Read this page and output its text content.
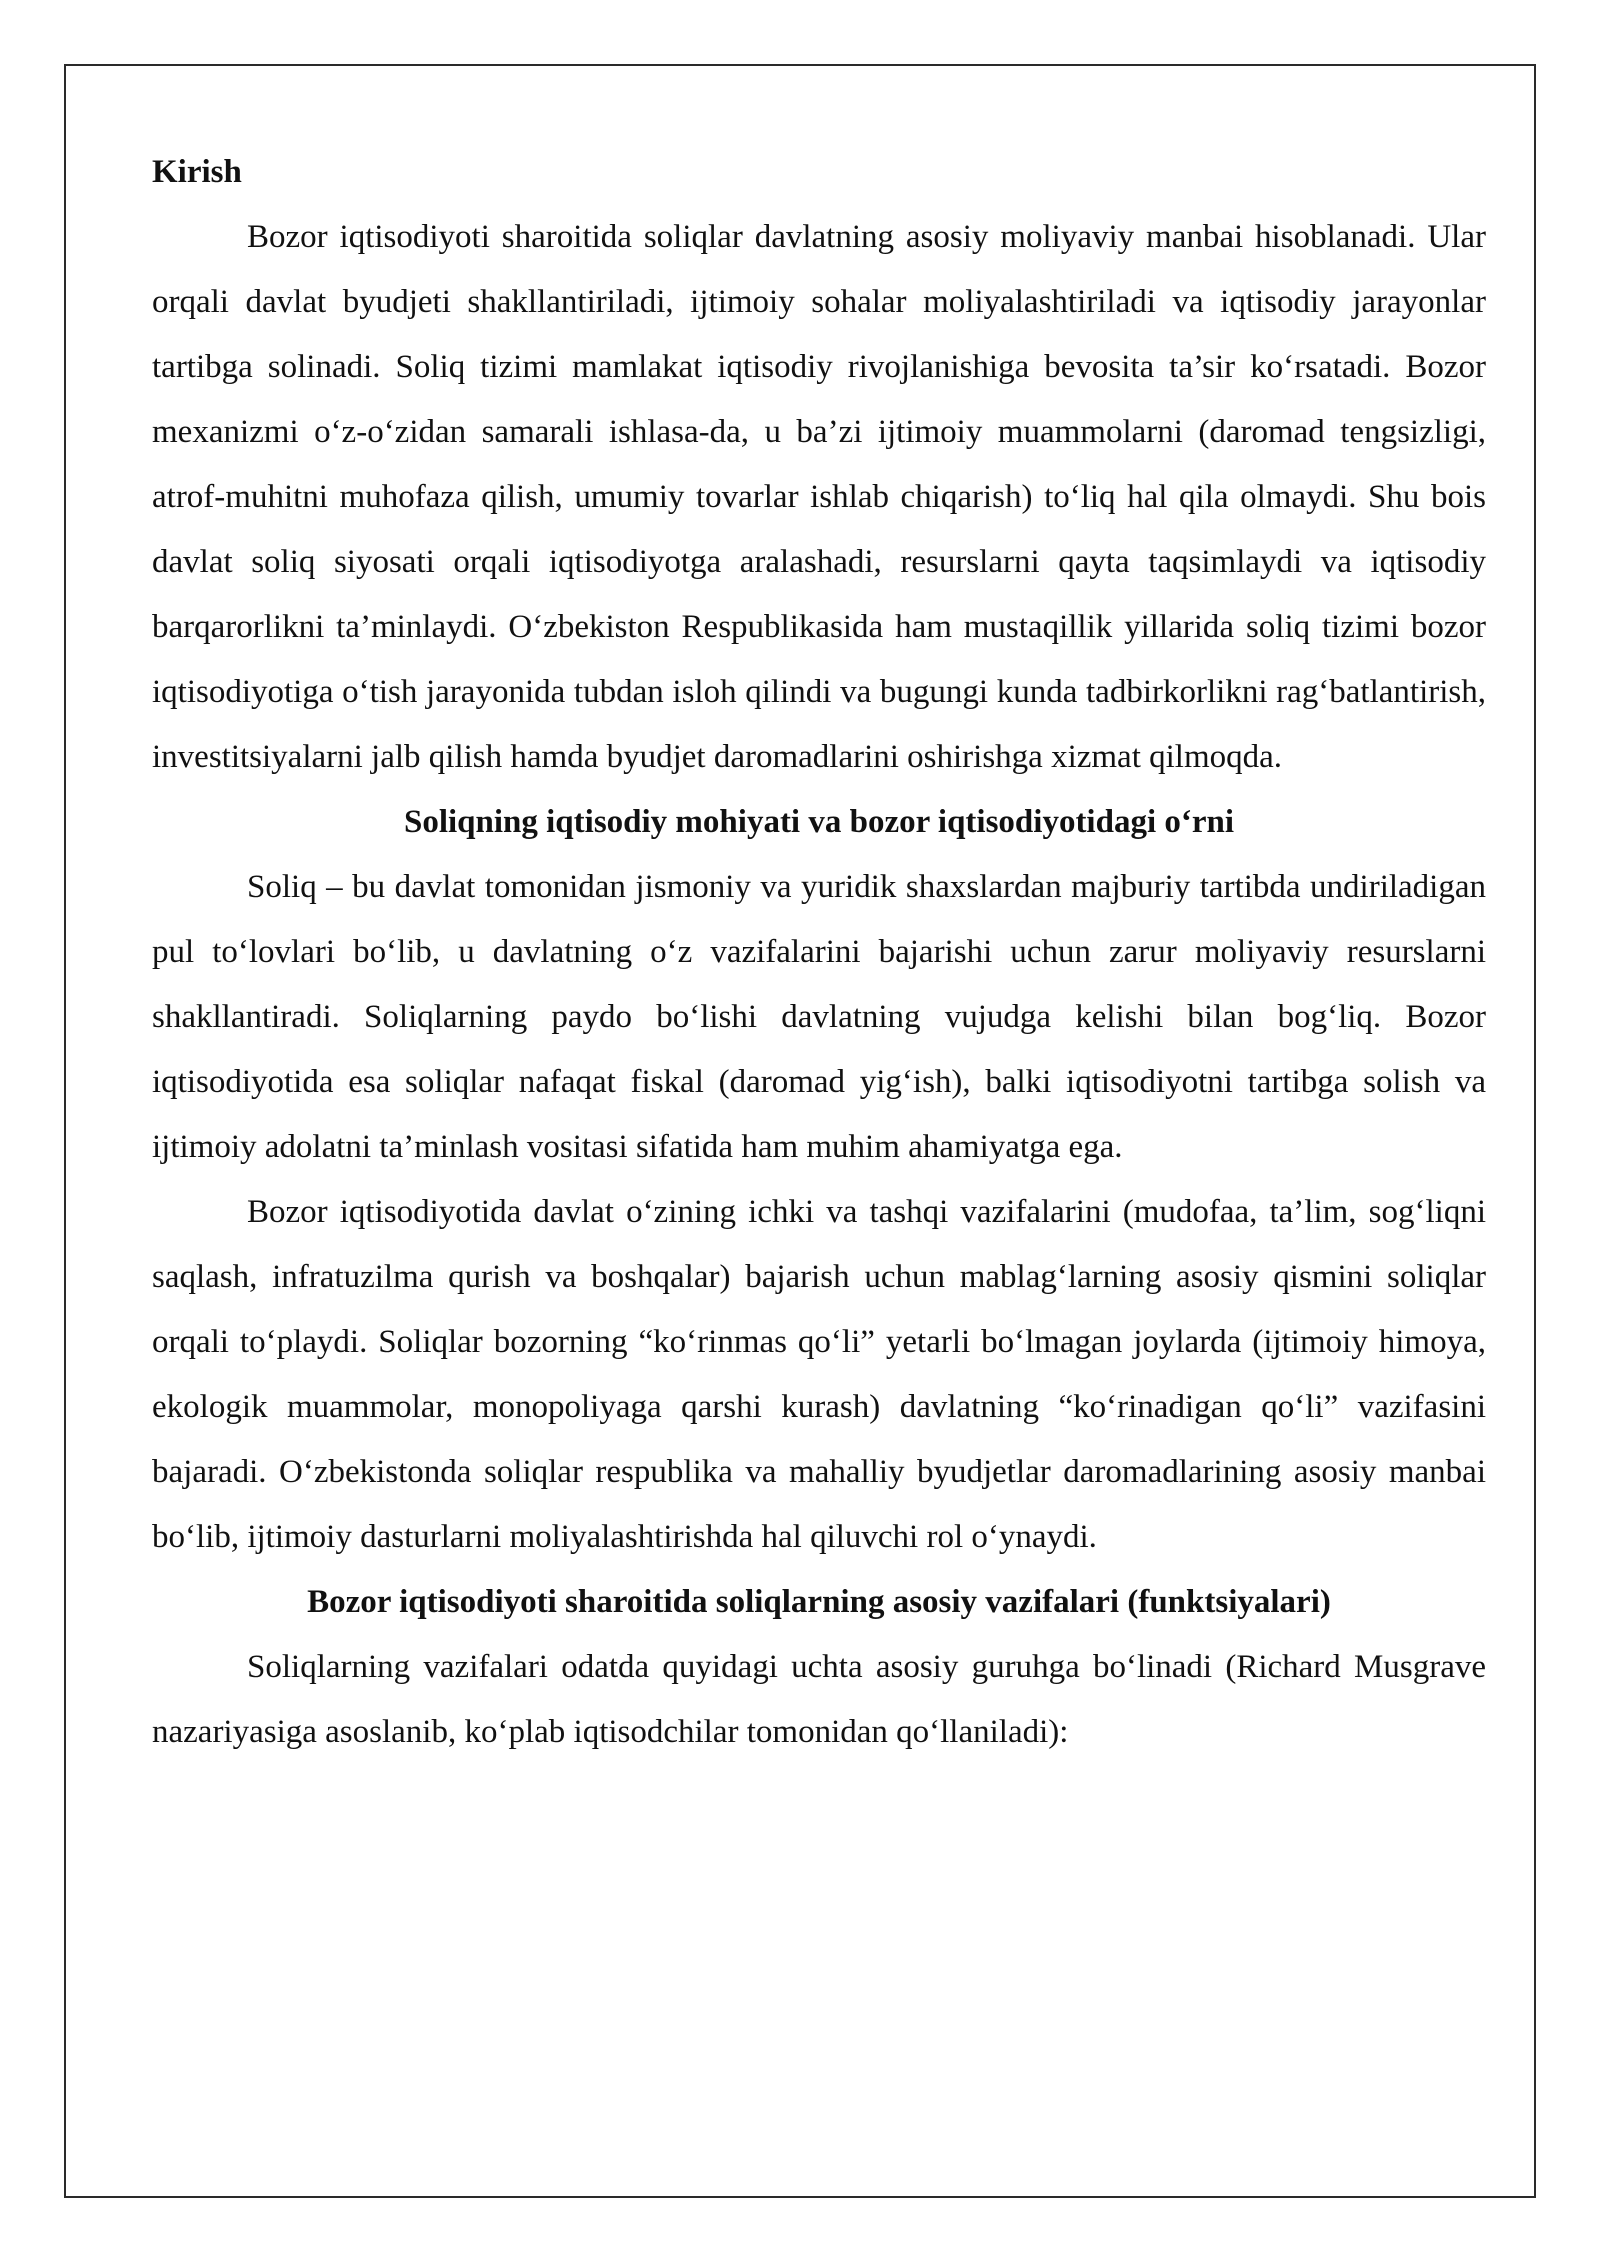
Kirish

Bozor iqtisodiyoti sharoitida soliqlar davlatning asosiy moliyaviy manbai hisoblanadi. Ular orqali davlat byudjeti shakllantiriladi, ijtimoiy sohalar moliyalashtiriladi va iqtisodiy jarayonlar tartibga solinadi. Soliq tizimi mamlakat iqtisodiy rivojlanishiga bevosita ta’sir ko‘rsatadi. Bozor mexanizmi o‘z-o‘zidan samarali ishlasa-da, u ba’zi ijtimoiy muammolarni (daromad tengsizligi, atrof-muhitni muhofaza qilish, umumiy tovarlar ishlab chiqarish) to‘liq hal qila olmaydi. Shu bois davlat soliq siyosati orqali iqtisodiyotga aralashadi, resurslarni qayta taqsimlaydi va iqtisodiy barqarorlikni ta’minlaydi. O‘zbekiston Respublikasida ham mustaqillik yillarida soliq tizimi bozor iqtisodiyotiga o‘tish jarayonida tubdan isloh qilindi va bugungi kunda tadbirkorlikni rag‘batlantirish, investitsiyalarni jalb qilish hamda byudjet daromadlarini oshirishga xizmat qilmoqda.

Soliqning iqtisodiy mohiyati va bozor iqtisodiyotidagi o‘rni

Soliq – bu davlat tomonidan jismoniy va yuridik shaxslardan majburiy tartibda undiriladigan pul to‘lovlari bo‘lib, u davlatning o‘z vazifalarini bajarishi uchun zarur moliyaviy resurslarni shakllantiradi. Soliqlarning paydo bo‘lishi davlatning vujudga kelishi bilan bog‘liq. Bozor iqtisodiyotida esa soliqlar nafaqat fiskal (daromad yig‘ish), balki iqtisodiyotni tartibga solish va ijtimoiy adolatni ta’minlash vositasi sifatida ham muhim ahamiyatga ega.

Bozor iqtisodiyotida davlat o‘zining ichki va tashqi vazifalarini (mudofaa, ta’lim, sog‘liqni saqlash, infratuzilma qurish va boshqalar) bajarish uchun mablag‘larning asosiy qismini soliqlar orqali to‘playdi. Soliqlar bozorning “ko‘rinmas qo‘li” yetarli bo‘lmagan joylarda (ijtimoiy himoya, ekologik muammolar, monopoliyaga qarshi kurash) davlatning “ko‘rinadigan qo‘li” vazifasini bajaradi. O‘zbekistonda soliqlar respublika va mahalliy byudjetlar daromadlarining asosiy manbai bo‘lib, ijtimoiy dasturlarni moliyalashtirishda hal qiluvchi rol o‘ynaydi.

Bozor iqtisodiyoti sharoitida soliqlarning asosiy vazifalari (funktsiyalari)

Soliqlarning vazifalari odatda quyidagi uchta asosiy guruhga bo‘linadi (Richard Musgrave nazariyasiga asoslanib, ko‘plab iqtisodchilar tomonidan qo‘llaniladi):
